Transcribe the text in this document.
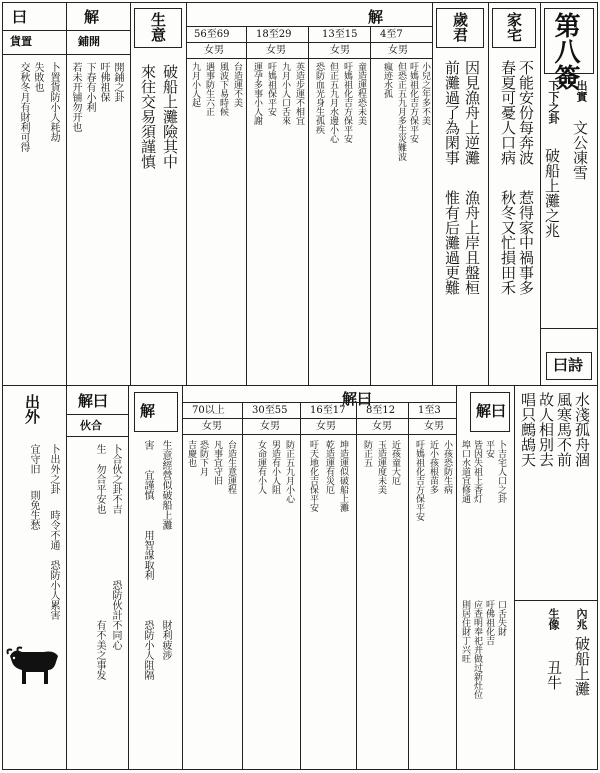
第八簽
出實
文公凍雪
下下之卦
破船上灘之兆
曰詩
家宅
不能安份每奔波
春夏可憂人口病
歲君
因見漁舟上逆灘
前灘過了為閑事
漁舟上岸且盤桓
惟有后灘過更難	惹得家中禍事多
秋冬又忙損田禾
解
4至7
13至15
18至29
56至69
女男
女男
女男
女男
小兒之年多不美
吁媽祖化吉方保平安
但恐正五九月多生災難波
瘋迹水孤
童造運程恐未美
吁媽祖化吉方保平安
但正五九月水邊小心
恐防血光身生孤疾
英造步運不相宜
九月小人口舌來
吁媽祖保平安
運孕多事小人謝
台造運不美
風波下易時候
遇事防生六正
九月小人起
生意
破船上灘險其中
來往交易須謹慎
解
曰
鋪開
貨置
開鋪之卦
吁佛祖保
下春有小利
若未开铺勿开也
卜置貨防小人耗劫
失敗也
交秋冬月有財利可得
水淺孤舟涸
風寒馬不前
故人相別去
唱只鷓鴣天
內兆
破船上灘
生像
丑牛
解曰
卜吉宅人口之卦
平安
皆因失祖上香灯
埠口水道宜修通
口舌失財
吁佛祖化吉
应查明奉祀并做过新灶位
則居住財丁兴旺
解曰
1至3
8至12
16至17
30至55
70以上
女男
女男
女男
女男
女男
小孩恐防生病
近小孩根苗多
吁媽祖化吉方保平安
近孩童大厄
玉造運度未美
防正五
坤造運似破船上灘
乾造運有災厄
吁天地化吉保平安
防正五九月小心
男造有小人阻
女命運有小人
台造生意運程
凡事宜守旧
恐防下月
吉慶也
解
生意經營似破船上灘
害
宜謹慎
用智謀取利
財利疲涉
恐防小人阻隔
解曰
伙合
卜合伙之卦不吉
生
勿合平安也
恐防伙計不同心
有不美之事发
出外
卜出外之卦
時令不通
恐防小人累害
宜守旧
則免生愁
